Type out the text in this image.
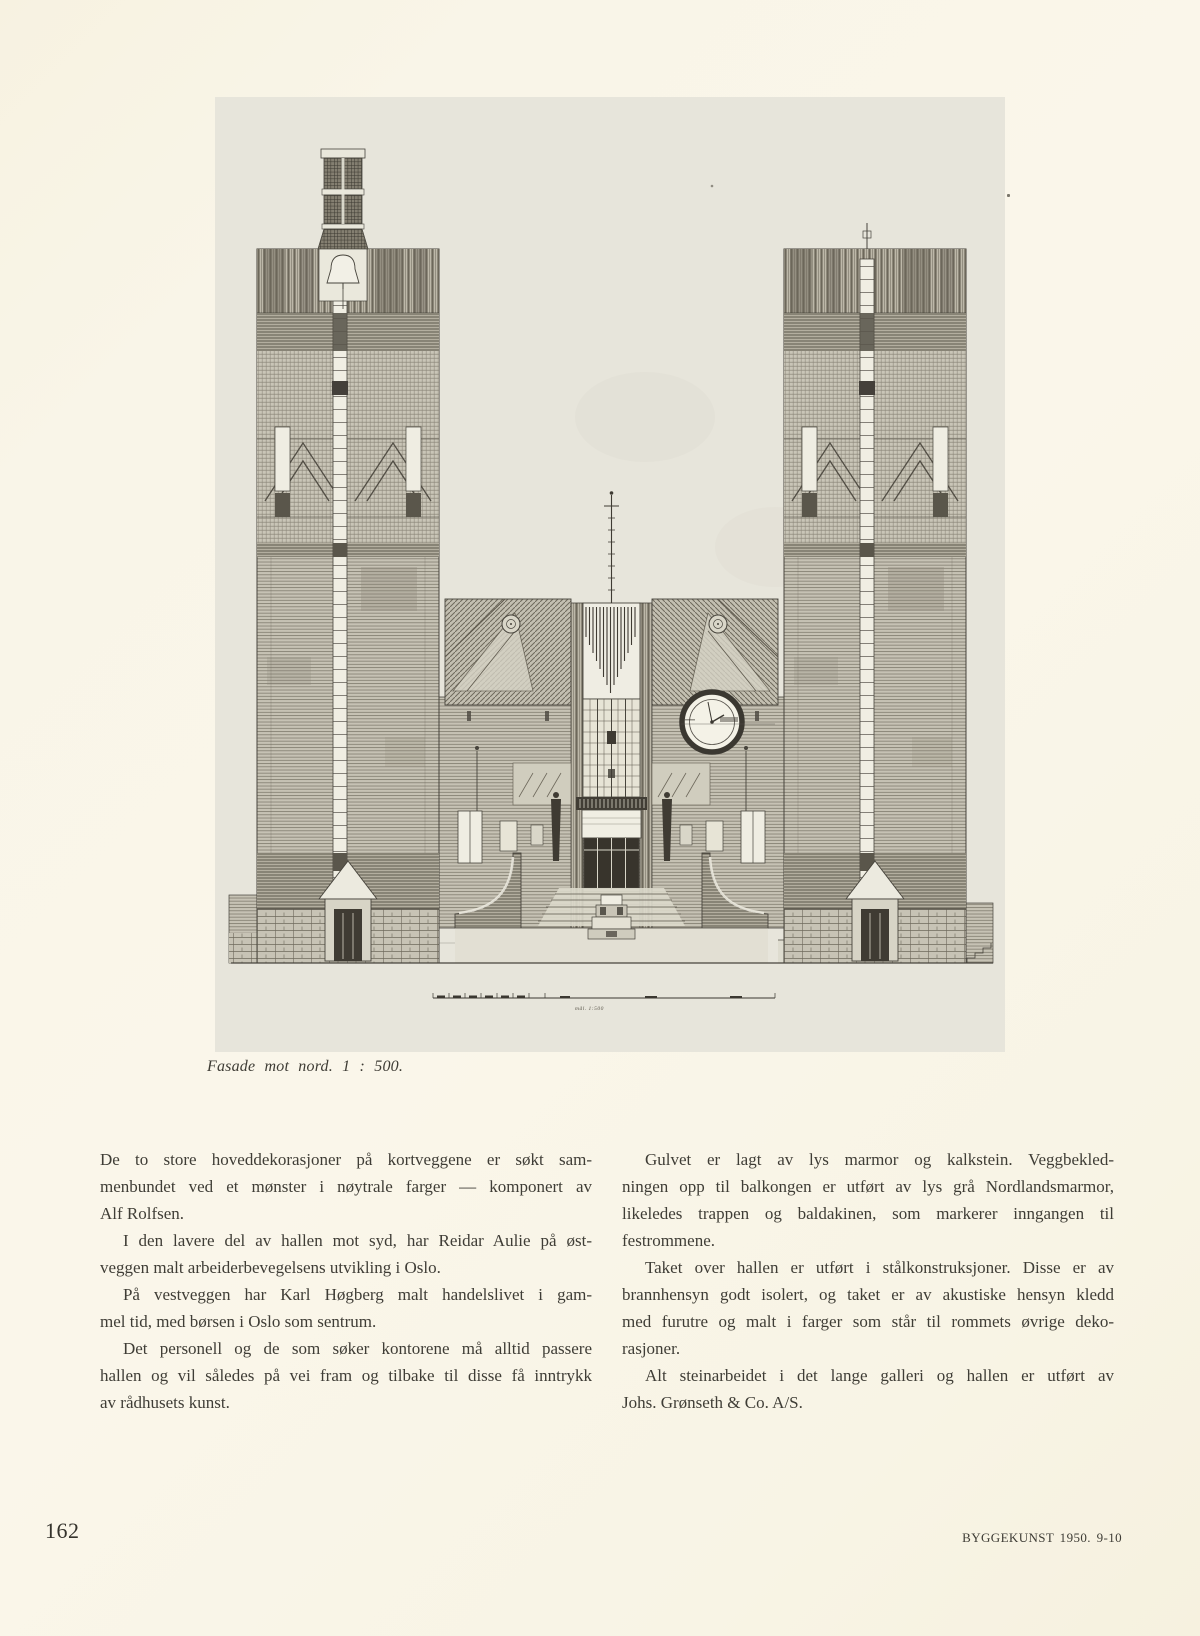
mål. 1:500
Fasade mot nord. 1 : 500.
De to store hoveddekorasjoner på kortveggene er søkt sam-
menbundet ved et mønster i nøytrale farger — komponert av
Alf Rolfsen.
I den lavere del av hallen mot syd, har Reidar Aulie på øst-
veggen malt arbeiderbevegelsens utvikling i Oslo.
På vestveggen har Karl Høgberg malt handelslivet i gam-
mel tid, med børsen i Oslo som sentrum.
Det personell og de som søker kontorene må alltid passere
hallen og vil således på vei fram og tilbake til disse få inntrykk
av rådhusets kunst.
Gulvet er lagt av lys marmor og kalkstein. Veggbekled-
ningen opp til balkongen er utført av lys grå Nordlandsmarmor,
likeledes trappen og baldakinen, som markerer inngangen til
festrommene.
Taket over hallen er utført i stålkonstruksjoner. Disse er av
brannhensyn godt isolert, og taket er av akustiske hensyn kledd
med furutre og malt i farger som står til rommets øvrige deko-
rasjoner.
Alt steinarbeidet i det lange galleri og hallen er utført av
Johs. Grønseth & Co. A/S.
162	BYGGEKUNST 1950. 9-10
